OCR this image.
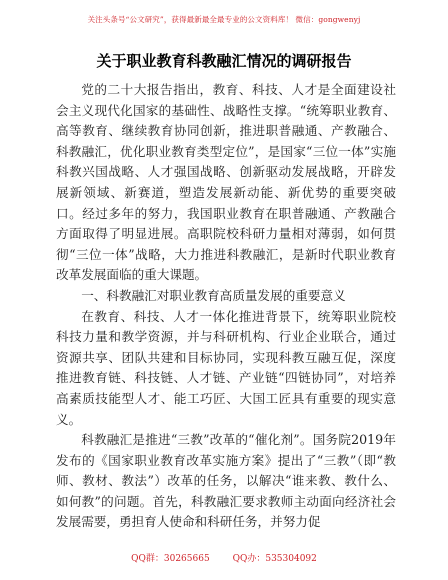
关注头条号“公文研究”，获得最新最全最专业的公文资料库！ 微信：gongwenyj
关于职业教育科教融汇情况的调研报告

党的二十大报告指出，教育、科技、人才是全面建设社会主义现代化国家的基础性、战略性支撑。“统筹职业教育、高等教育、继续教育协同创新，推进职普融通、产教融合、科教融汇，优化职业教育类型定位”，是国家“三位一体”实施科教兴国战略、人才强国战略、创新驱动发展战略，开辟发展新领域、新赛道，塑造发展新动能、新优势的重要突破口。经过多年的努力，我国职业教育在职普融通、产教融合方面取得了明显进展。高职院校科研力量相对薄弱，如何贯彻“三位一体”战略，大力推进科教融汇，是新时代职业教育改革发展面临的重大课题。

一、科教融汇对职业教育高质量发展的重要意义

在教育、科技、人才一体化推进背景下，统筹职业院校科技力量和教学资源，并与科研机构、行业企业联合，通过资源共享、团队共建和目标协同，实现科教互融互促，深度推进教育链、科技链、人才链、产业链“四链协同”，对培养高素质技能型人才、能工巧匠、大国工匠具有重要的现实意义。

科教融汇是推进“三教”改革的“催化剂”。国务院2019年发布的《国家职业教育改革实施方案》提出了“三教”（即“教师、教材、教法”）改革的任务，以解决“谁来教、教什么、如何教”的问题。首先，科教融汇要求教师主动面向经济社会发展需要，勇担育人使命和科研任务，并努力促

QQ群：30265665	QQ办：535304092
